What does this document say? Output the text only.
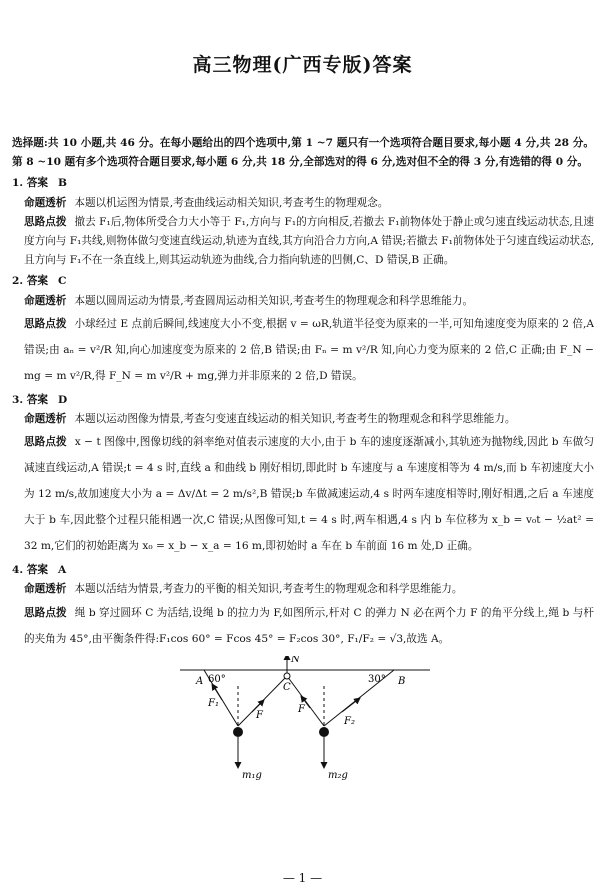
高三物理(广西专版)答案
选择题:共 10 小题,共 46 分。在每小题给出的四个选项中,第 1 ~7 题只有一个选项符合题目要求,每小题 4 分,共 28 分。第 8 ~10 题有多个选项符合题目要求,每小题 6 分,共 18 分,全部选对的得 6 分,选对但不全的得 3 分,有选错的得 0 分。
1. 答案 B
命题透析 本题以机运图为情景,考查曲线运动相关知识,考查考生的物理观念。
思路点拨 撤去 F₁后,物体所受合力大小等于 F₁,方向与 F₁的方向相反,若撤去 F₁前物体处于静止或匀速直线运动状态,且速度方向与 F₁共线,则物体做匀变速直线运动,轨迹为直线,其方向沿合力方向,A 错误;若撤去 F₁前物体处于匀速直线运动状态,且方向与 F₁不在一条直线上,则其运动轨迹为曲线,合力指向轨迹的凹侧,C、D 错误,B 正确。
2. 答案 C
命题透析 本题以圆周运动为情景,考查圆周运动相关知识,考查考生的物理观念和科学思维能力。
思路点拨 小球经过 E 点前后瞬间,线速度大小不变,根据 v = ωR,轨道半径变为原来的一半,可知角速度变为原来的 2 倍,A 错误;由 aₙ = v²/R 知,向心加速度变为原来的 2 倍,B 错误;由 Fₙ = m v²/R 知,向心力变为原来的 2 倍,C 正确;由 F_N − mg = m v²/R,得 F_N = m v²/R + mg,弹力并非原来的 2 倍,D 错误。
3. 答案 D
命题透析 本题以运动图像为情景,考查匀变速直线运动的相关知识,考查考生的物理观念和科学思维能力。
思路点拨 x − t 图像中,图像切线的斜率绝对值表示速度的大小,由于 b 车的速度逐渐减小,其轨迹为抛物线,因此 b 车做匀减速直线运动,A 错误;t = 4 s 时,直线 a 和曲线 b 刚好相切,即此时 b 车速度与 a 车速度相等为 4 m/s,而 b 车初速度大小为 12 m/s,故加速度大小为 a = Δv/Δt = 2 m/s²,B 错误;b 车做减速运动,4 s 时两车速度相等时,刚好相遇,之后 a 车速度大于 b 车,因此整个过程只能相遇一次,C 错误;从图像可知,t = 4 s 时,两车相遇,4 s 内 b 车位移为 x_b = v₀t − ½at² = 32 m,它们的初始距离为 x₀ = x_b − x_a = 16 m,即初始时 a 车在 b 车前面 16 m 处,D 正确。
4. 答案 A
命题透析 本题以活结为情景,考查力的平衡的相关知识,考查考生的物理观念和科学思维能力。
思路点拨 绳 b 穿过圆环 C 为活结,设绳 b 的拉力为 F,如图所示,杆对 C 的弹力 N 必在两个力 F 的角平分线上,绳 b 与杆的夹角为 45°,由平衡条件得:F₁cos 60° = Fcos 45° = F₂cos 30°, F₁/F₂ = √3,故选 A。
A 60°
C
N
30° B
F₁
F
F
F₂
m₁g	m₂g
— 1 —
